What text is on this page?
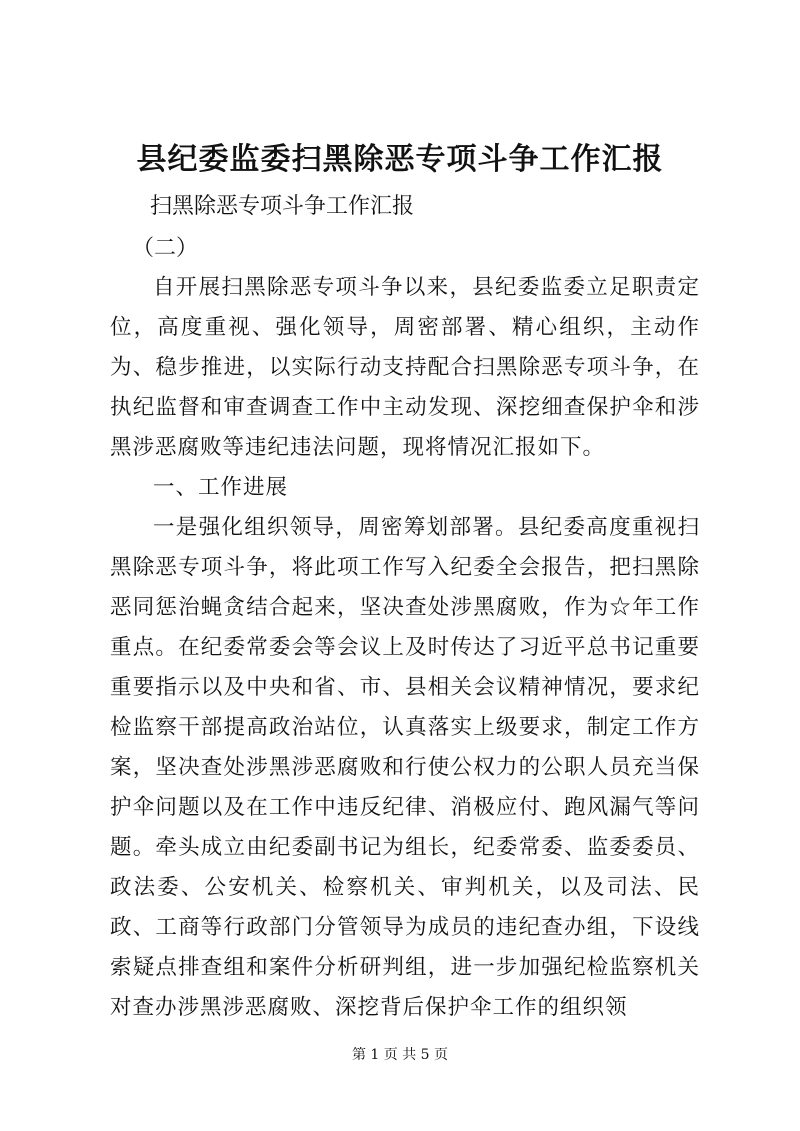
县纪委监委扫黑除恶专项斗争工作汇报

扫黑除恶专项斗争工作汇报

（二）

自开展扫黑除恶专项斗争以来，县纪委监委立足职责定位，高度重视、强化领导，周密部署、精心组织，主动作为、稳步推进，以实际行动支持配合扫黑除恶专项斗争，在执纪监督和审查调查工作中主动发现、深挖细查保护伞和涉黑涉恶腐败等违纪违法问题，现将情况汇报如下。

一、工作进展

一是强化组织领导，周密筹划部署。县纪委高度重视扫黑除恶专项斗争，将此项工作写入纪委全会报告，把扫黑除恶同惩治蝇贪结合起来，坚决查处涉黑腐败，作为☆年工作重点。在纪委常委会等会议上及时传达了习近平总书记重要重要指示以及中央和省、市、县相关会议精神情况，要求纪检监察干部提高政治站位，认真落实上级要求，制定工作方案，坚决查处涉黑涉恶腐败和行使公权力的公职人员充当保护伞问题以及在工作中违反纪律、消极应付、跑风漏气等问题。牵头成立由纪委副书记为组长，纪委常委、监委委员、政法委、公安机关、检察机关、审判机关，以及司法、民政、工商等行政部门分管领导为成员的违纪查办组，下设线索疑点排查组和案件分析研判组，进一步加强纪检监察机关对查办涉黑涉恶腐败、深挖背后保护伞工作的组织领

第 1 页 共 5 页
